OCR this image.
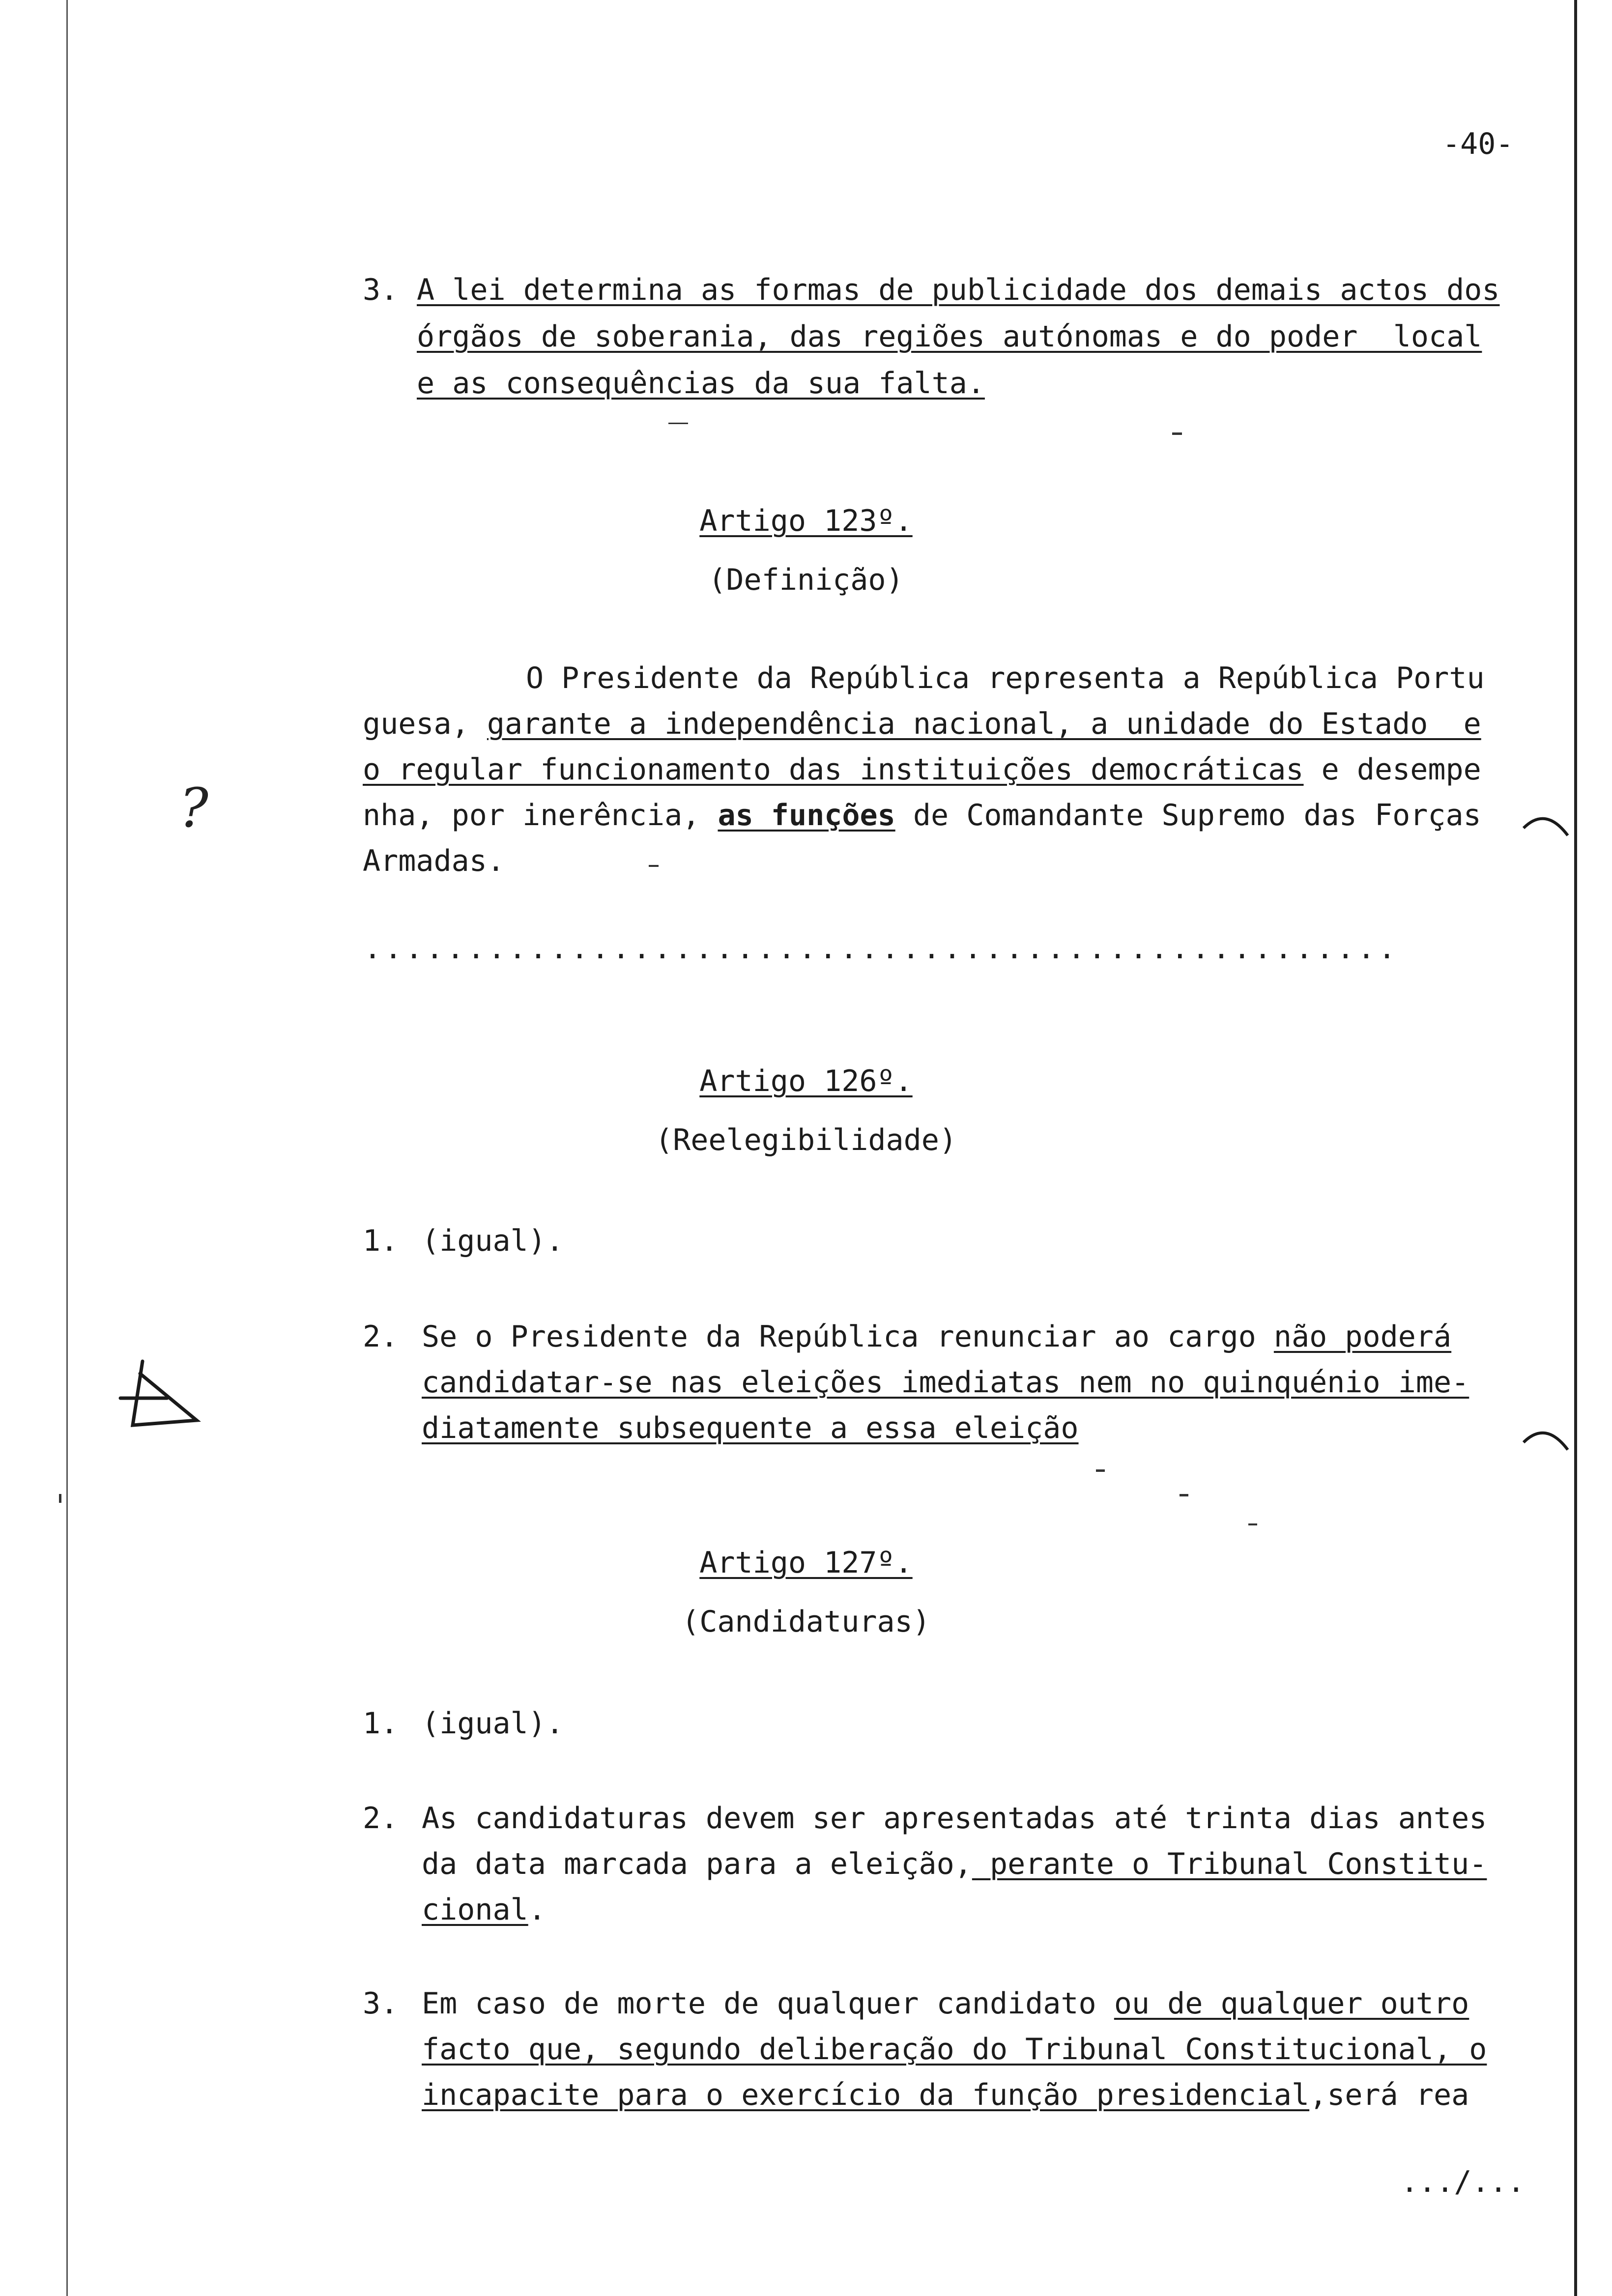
-40-
3. A lei determina as formas de publicidade dos demais actos dos
órgãos de soberania, das regiões autónomas e do poder  local
e as consequências da sua falta.
Artigo 123º.
(Definição)
O Presidente da República representa a República Portu
guesa, garante a independência nacional, a unidade do Estado  e
o regular funcionamento das instituições democráticas e desempe
nha, por inerência, as funções de Comandante Supremo das Forças
Armadas.
..................................................
Artigo 126º.
(Reelegibilidade)
1. (igual).
2. Se o Presidente da República renunciar ao cargo não poderá
candidatar-se nas eleições imediatas nem no quinquénio ime-
diatamente subsequente a essa eleição
Artigo 127º.
(Candidaturas)
1. (igual).
2. As candidaturas devem ser apresentadas até trinta dias antes
da data marcada para a eleição, perante o Tribunal Constitu-
cional.
3. Em caso de morte de qualquer candidato ou de qualquer outro
facto que, segundo deliberação do Tribunal Constitucional, o
incapacite para o exercício da função presidencial,será rea
.../...
?
